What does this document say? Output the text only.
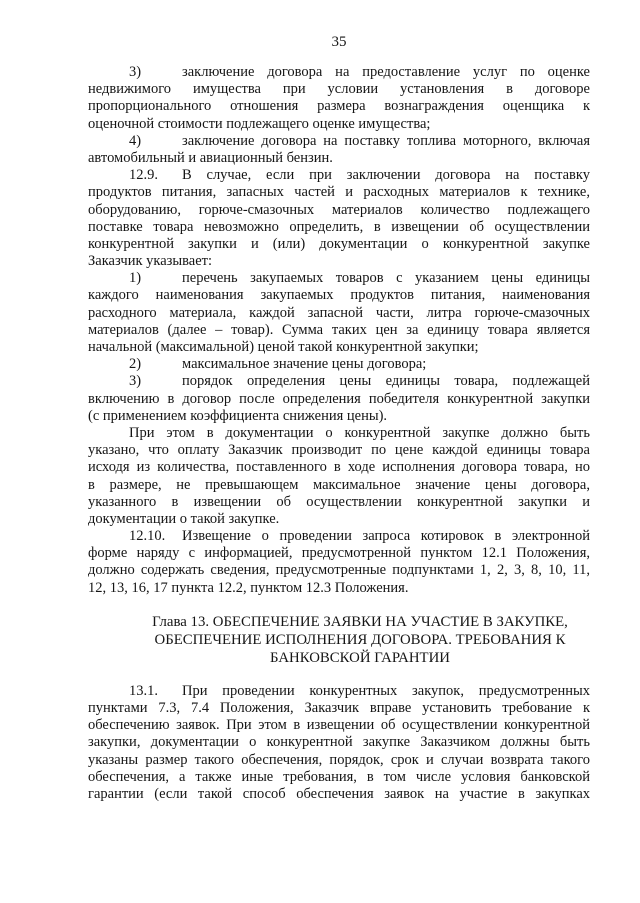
35
3)	заключение договора на предоставление услуг по оценке
недвижимого имущества при условии установления в договоре
пропорционального отношения размера вознаграждения оценщика к
оценочной стоимости подлежащего оценке имущества;
4)	заключение договора на поставку топлива моторного, включая
автомобильный и авиационный бензин.
12.9.	В случае, если при заключении договора на поставку
продуктов питания, запасных частей и расходных материалов к технике,
оборудованию, горюче-смазочных материалов количество подлежащего
поставке товара невозможно определить, в извещении об осуществлении
конкурентной закупки и (или) документации о конкурентной закупке
Заказчик указывает:
1)	перечень закупаемых товаров с указанием цены единицы
каждого наименования закупаемых продуктов питания, наименования
расходного материала, каждой запасной части, литра горюче-смазочных
материалов (далее – товар). Сумма таких цен за единицу товара является
начальной (максимальной) ценой такой конкурентной закупки;
2)	максимальное значение цены договора;
3)	порядок определения цены единицы товара, подлежащей
включению в договор после определения победителя конкурентной закупки
(с применением коэффициента снижения цены).
При этом в документации о конкурентной закупке должно быть
указано, что оплату Заказчик производит по цене каждой единицы товара
исходя из количества, поставленного в ходе исполнения договора товара, но
в размере, не превышающем максимальное значение цены договора,
указанного в извещении об осуществлении конкурентной закупки и
документации о такой закупке.
12.10.	Извещение о проведении запроса котировок в электронной
форме наряду с информацией, предусмотренной пунктом 12.1 Положения,
должно содержать сведения, предусмотренные подпунктами 1, 2, 3, 8, 10, 11,
12, 13, 16, 17 пункта 12.2, пунктом 12.3 Положения.
Глава 13. ОБЕСПЕЧЕНИЕ ЗАЯВКИ НА УЧАСТИЕ В ЗАКУПКЕ,
ОБЕСПЕЧЕНИЕ ИСПОЛНЕНИЯ ДОГОВОРА. ТРЕБОВАНИЯ К
БАНКОВСКОЙ ГАРАНТИИ
13.1.	При проведении конкурентных закупок, предусмотренных
пунктами 7.3, 7.4 Положения, Заказчик вправе установить требование к
обеспечению заявок. При этом в извещении об осуществлении конкурентной
закупки, документации о конкурентной закупке Заказчиком должны быть
указаны размер такого обеспечения, порядок, срок и случаи возврата такого
обеспечения, а также иные требования, в том числе условия банковской
гарантии (если такой способ обеспечения заявок на участие в закупках
